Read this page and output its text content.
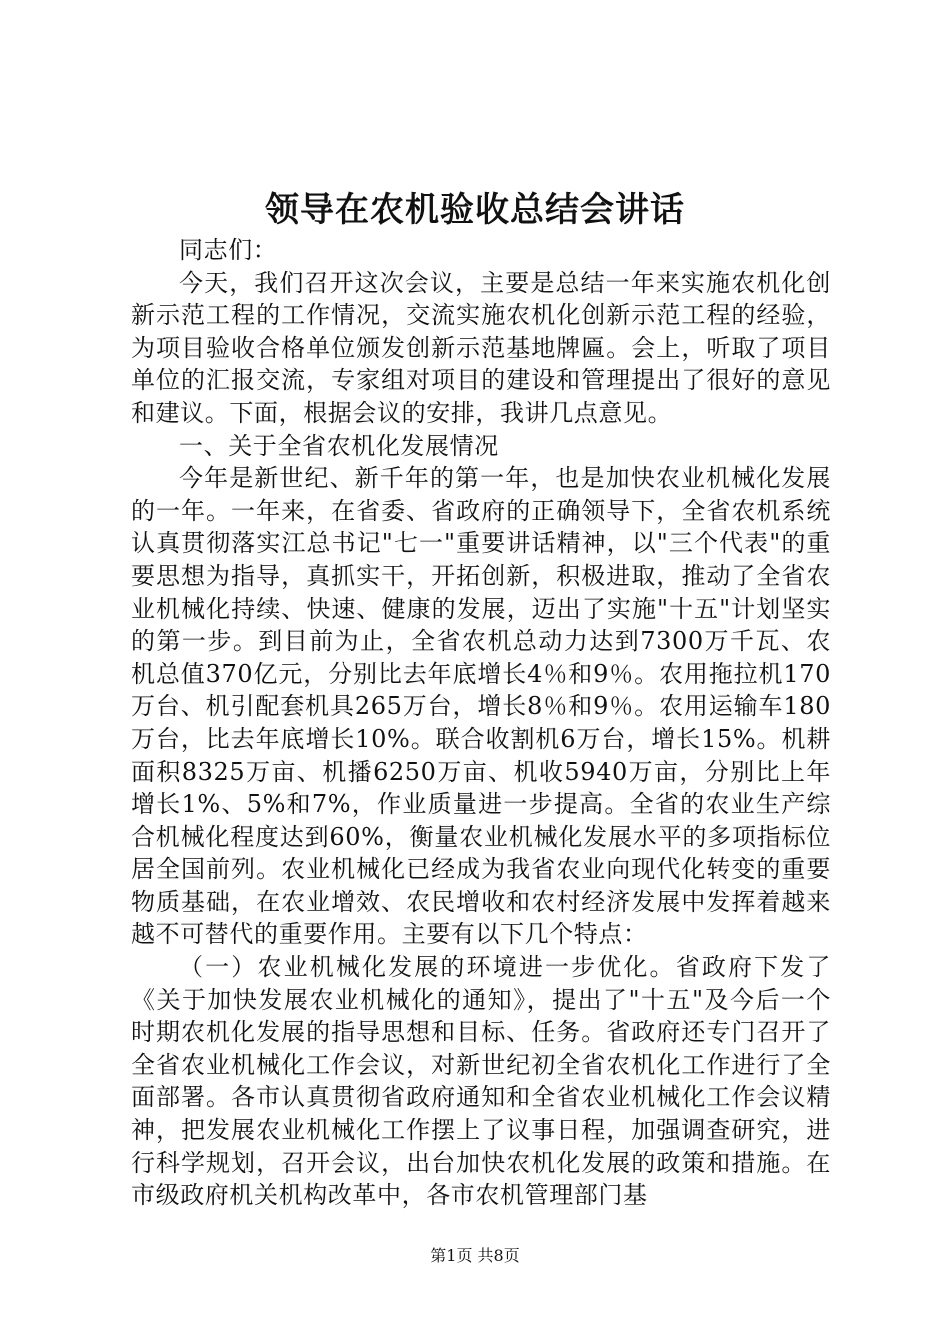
领导在农机验收总结会讲话

同志们：

今天，我们召开这次会议，主要是总结一年来实施农机化创新示范工程的工作情况，交流实施农机化创新示范工程的经验，为项目验收合格单位颁发创新示范基地牌匾。会上，听取了项目单位的汇报交流，专家组对项目的建设和管理提出了很好的意见和建议。下面，根据会议的安排，我讲几点意见。

一、关于全省农机化发展情况

今年是新世纪、新千年的第一年，也是加快农业机械化发展的一年。一年来，在省委、省政府的正确领导下，全省农机系统认真贯彻落实江总书记"七一"重要讲话精神，以"三个代表"的重要思想为指导，真抓实干，开拓创新，积极进取，推动了全省农业机械化持续、快速、健康的发展，迈出了实施"十五"计划坚实的第一步。到目前为止，全省农机总动力达到7300万千瓦、农机总值370亿元，分别比去年底增长4％和9％。农用拖拉机170万台、机引配套机具265万台，增长8％和9％。农用运输车180万台，比去年底增长10%。联合收割机6万台，增长15%。机耕面积8325万亩、机播6250万亩、机收5940万亩，分别比上年增长1%、5%和7%，作业质量进一步提高。全省的农业生产综合机械化程度达到60%，衡量农业机械化发展水平的多项指标位居全国前列。农业机械化已经成为我省农业向现代化转变的重要物质基础，在农业增效、农民增收和农村经济发展中发挥着越来越不可替代的重要作用。主要有以下几个特点：

（一）农业机械化发展的环境进一步优化。省政府下发了《关于加快发展农业机械化的通知》，提出了"十五"及今后一个时期农机化发展的指导思想和目标、任务。省政府还专门召开了全省农业机械化工作会议，对新世纪初全省农机化工作进行了全面部署。各市认真贯彻省政府通知和全省农业机械化工作会议精神，把发展农业机械化工作摆上了议事日程，加强调查研究，进行科学规划，召开会议，出台加快农机化发展的政策和措施。在市级政府机关机构改革中，各市农机管理部门基

第1页 共8页
